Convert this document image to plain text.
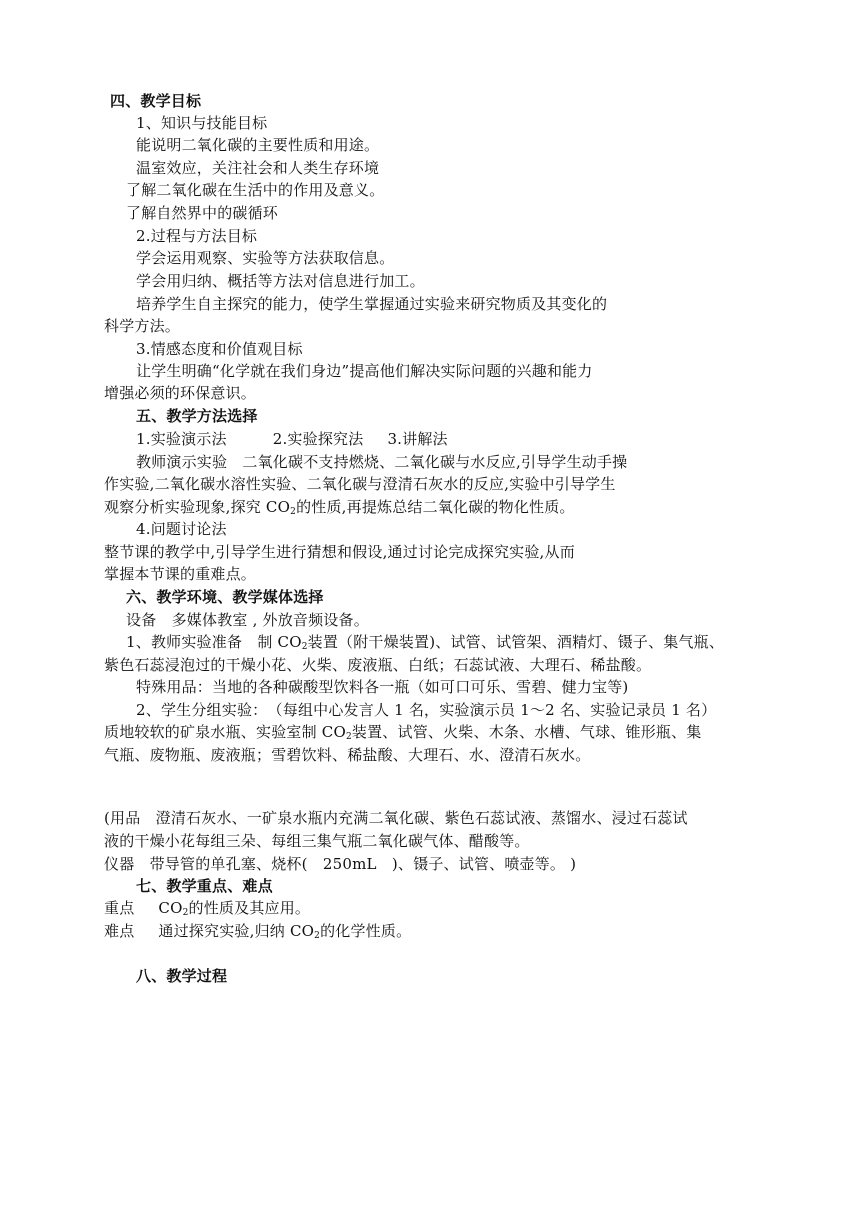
四、教学目标
1、知识与技能目标
能说明二氧化碳的主要性质和用途。
温室效应，关注社会和人类生存环境
了解二氧化碳在生活中的作用及意义。
了解自然界中的碳循环
2.过程与方法目标
学会运用观察、实验等方法获取信息。
学会用归纳、概括等方法对信息进行加工。
培养学生自主探究的能力，使学生掌握通过实验来研究物质及其变化的
科学方法。
3.情感态度和价值观目标
让学生明确“化学就在我们身边”提高他们解决实际问题的兴趣和能力
增强必须的环保意识。
五、教学方法选择
1.实验演示法	2.实验探究法 3.讲解法
教师演示实验　二氧化碳不支持燃烧、二氧化碳与水反应,引导学生动手操
作实验,二氧化碳水溶性实验、二氧化碳与澄清石灰水的反应,实验中引导学生
观察分析实验现象,探究 $CO_2$的性质,再提炼总结二氧化碳的物化性质。
4.问题讨论法
整节课的教学中,引导学生进行猜想和假设,通过讨论完成探究实验,从而
掌握本节课的重难点。
六、教学环境、教学媒体选择
设备　多媒体教室 , 外放音频设备。
1、教师实验准备　制 $CO_2$装置（附干燥装置)、试管、试管架、酒精灯、镊子、集气瓶、
紫色石蕊浸泡过的干燥小花、火柴、废液瓶、白纸；石蕊试液、大理石、稀盐酸。
特殊用品：当地的各种碳酸型饮料各一瓶（如可口可乐、雪碧、健力宝等)
2、学生分组实验：　（每组中心发言人 1 名，实验演示员 1～2 名、实验记录员 1 名）
质地较软的矿泉水瓶、实验室制 $CO_2$装置、试管、火柴、木条、水槽、气球、锥形瓶、集
气瓶、废物瓶、废液瓶；雪碧饮料、稀盐酸、大理石、水、澄清石灰水。
(用品　澄清石灰水、一矿泉水瓶内充满二氧化碳、紫色石蕊试液、蒸馏水、浸过石蕊试
液的干燥小花每组三朵、每组三集气瓶二氧化碳气体、醋酸等。
仪器　带导管的单孔塞、烧杯(　250mL　)、镊子、试管、喷壶等。 )
七、教学重点、难点
重点 $CO_2$的性质及其应用。
难点 通过探究实验,归纳 $CO_2$的化学性质。
八、教学过程
